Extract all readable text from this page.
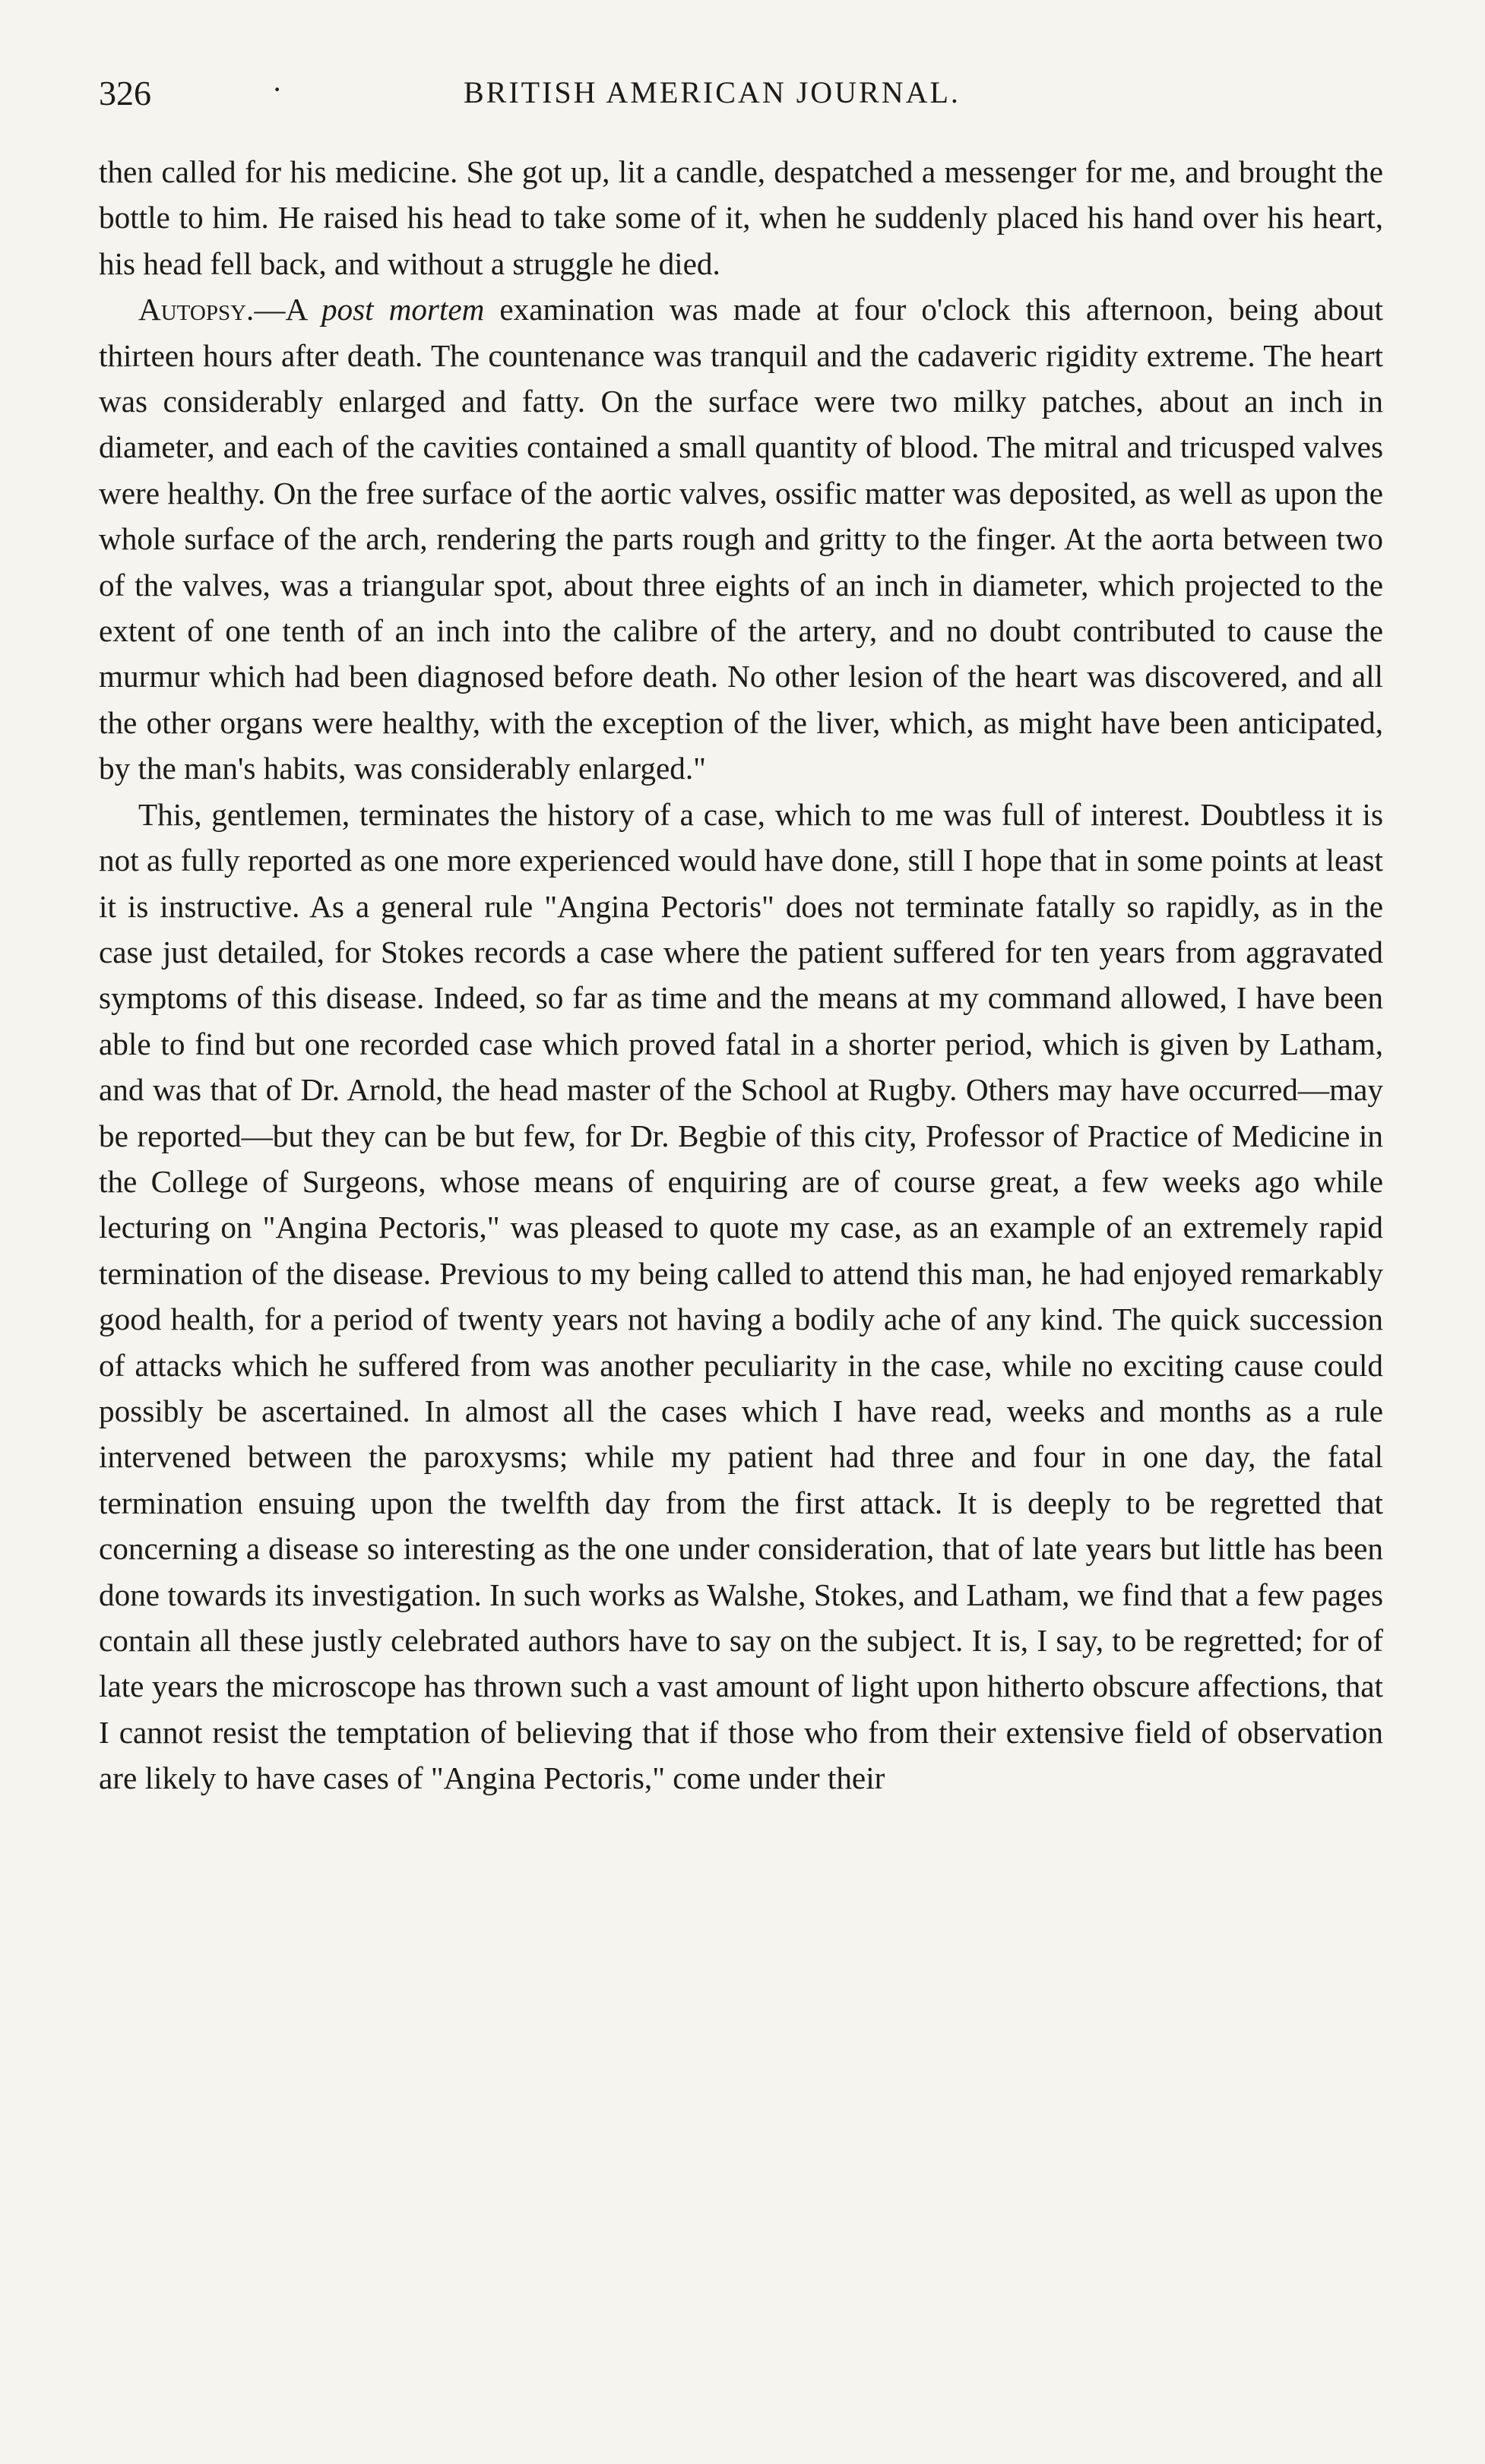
326	·	BRITISH AMERICAN JOURNAL.

then called for his medicine. She got up, lit a candle, despatched a messenger for me, and brought the bottle to him. He raised his head to take some of it, when he suddenly placed his hand over his heart, his head fell back, and without a struggle he died.

Autopsy.—A post mortem examination was made at four o'clock this afternoon, being about thirteen hours after death. The countenance was tranquil and the cadaveric rigidity extreme. The heart was considerably enlarged and fatty. On the surface were two milky patches, about an inch in diameter, and each of the cavities contained a small quantity of blood. The mitral and tricusped valves were healthy. On the free surface of the aortic valves, ossific matter was deposited, as well as upon the whole surface of the arch, rendering the parts rough and gritty to the finger. At the aorta between two of the valves, was a triangular spot, about three eights of an inch in diameter, which projected to the extent of one tenth of an inch into the calibre of the artery, and no doubt contributed to cause the murmur which had been diagnosed before death. No other lesion of the heart was discovered, and all the other organs were healthy, with the exception of the liver, which, as might have been anticipated, by the man's habits, was considerably enlarged."

This, gentlemen, terminates the history of a case, which to me was full of interest. Doubtless it is not as fully reported as one more experienced would have done, still I hope that in some points at least it is instructive. As a general rule "Angina Pectoris" does not terminate fatally so rapidly, as in the case just detailed, for Stokes records a case where the patient suffered for ten years from aggravated symptoms of this disease. Indeed, so far as time and the means at my command allowed, I have been able to find but one recorded case which proved fatal in a shorter period, which is given by Latham, and was that of Dr. Arnold, the head master of the School at Rugby. Others may have occurred—may be reported—but they can be but few, for Dr. Begbie of this city, Professor of Practice of Medicine in the College of Surgeons, whose means of enquiring are of course great, a few weeks ago while lecturing on "Angina Pectoris," was pleased to quote my case, as an example of an extremely rapid termination of the disease. Previous to my being called to attend this man, he had enjoyed remarkably good health, for a period of twenty years not having a bodily ache of any kind. The quick succession of attacks which he suffered from was another peculiarity in the case, while no exciting cause could possibly be ascertained. In almost all the cases which I have read, weeks and months as a rule intervened between the paroxysms; while my patient had three and four in one day, the fatal termination ensuing upon the twelfth day from the first attack. It is deeply to be regretted that concerning a disease so interesting as the one under consideration, that of late years but little has been done towards its investigation. In such works as Walshe, Stokes, and Latham, we find that a few pages contain all these justly celebrated authors have to say on the subject. It is, I say, to be regretted; for of late years the microscope has thrown such a vast amount of light upon hitherto obscure affections, that I cannot resist the temptation of believing that if those who from their extensive field of observation are likely to have cases of "Angina Pectoris," come under their
